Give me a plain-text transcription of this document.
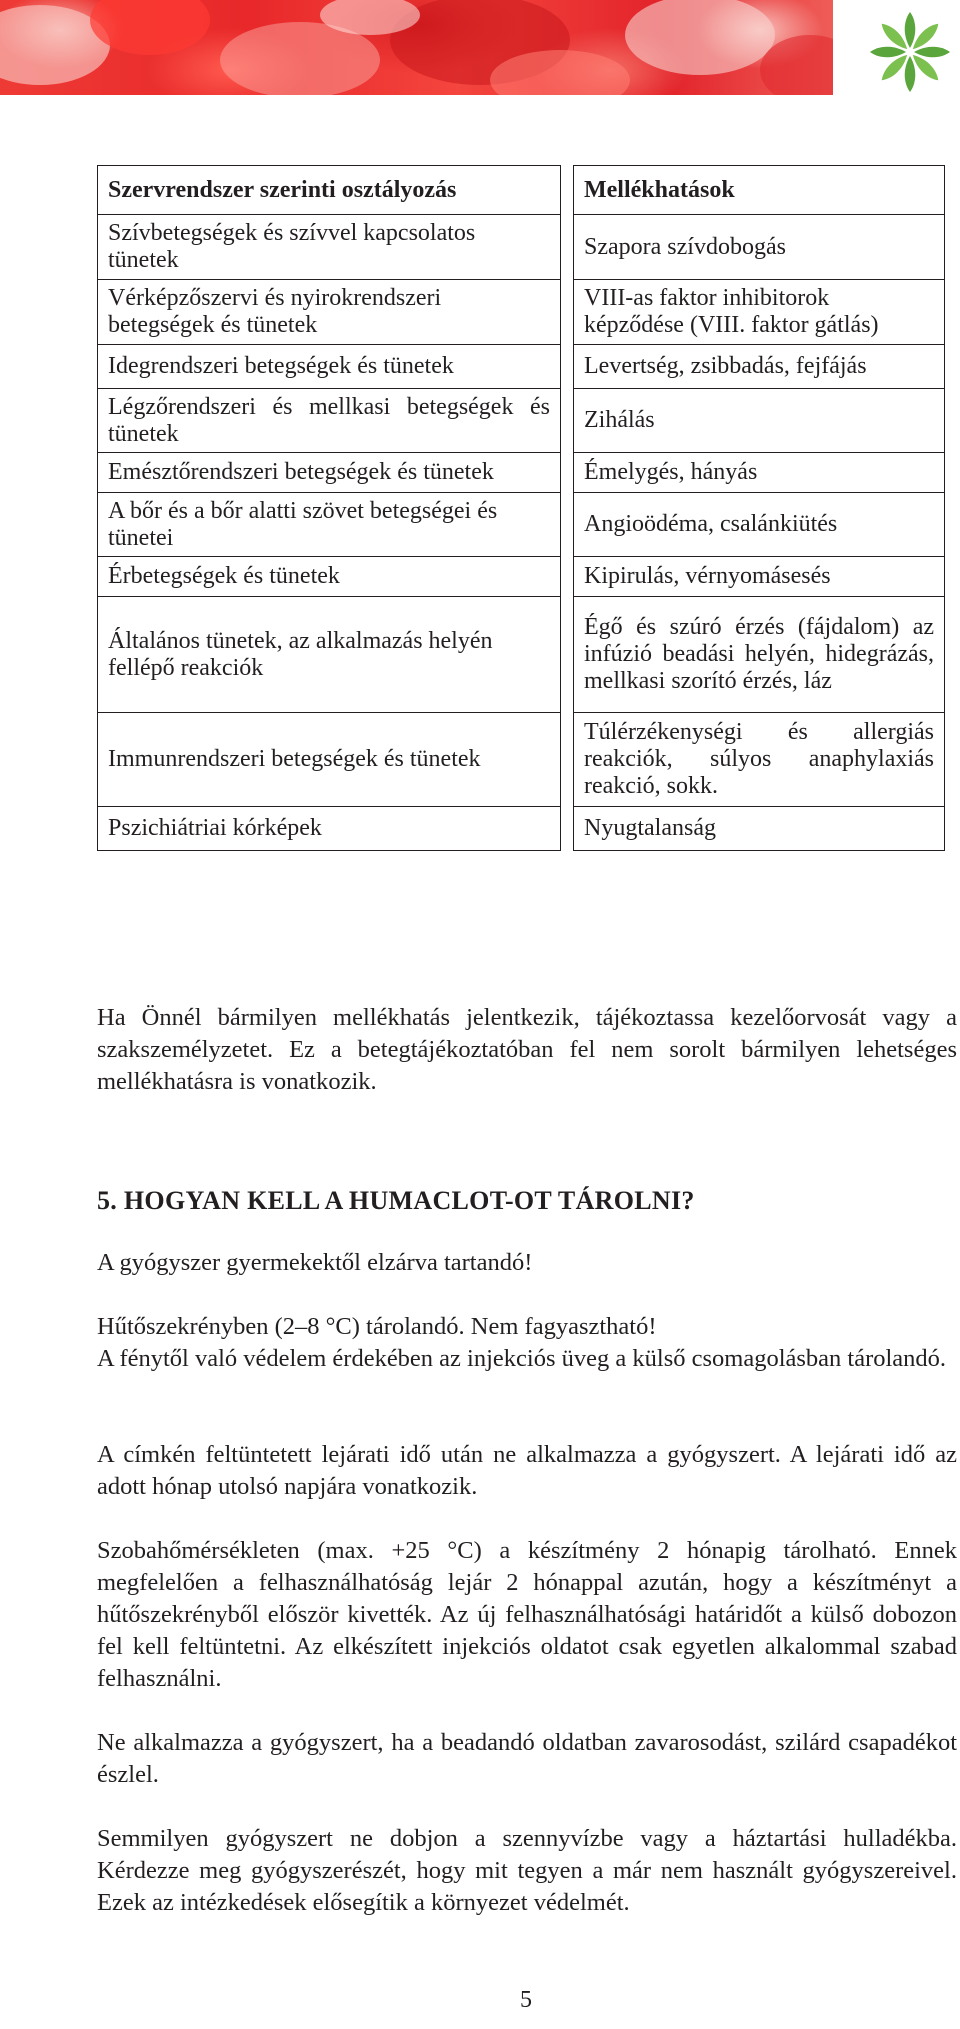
Szervrendszer szerinti osztályozás	Mellékhatások
Szívbetegségek és szívvel kapcsolatos tünetek	Szapora szívdobogás
Vérképzőszervi és nyirokrendszeri betegségek és tünetek	VIII-as faktor inhibitorok képződése (VIII. faktor gátlás)
Idegrendszeri betegségek és tünetek	Levertség, zsibbadás, fejfájás
Légzőrendszeri és mellkasi betegségek és tünetek	Zihálás
Emésztőrendszeri betegségek és tünetek	Émelygés, hányás
A bőr és a bőr alatti szövet betegségei és tünetei	Angioödéma, csalánkiütés
Érbetegségek és tünetek	Kipirulás, vérnyomásesés
Általános tünetek, az alkalmazás helyén fellépő reakciók	Égő és szúró érzés (fájdalom) az infúzió beadási helyén, hidegrázás, mellkasi szorító érzés, láz
Immunrendszeri betegségek és tünetek	Túlérzékenységi és allergiás reakciók, súlyos anaphylaxiás reakció, sokk.
Pszichiátriai kórképek	Nyugtalanság

Ha Önnél bármilyen mellékhatás jelentkezik, tájékoztassa kezelőorvosát vagy a szakszemélyzetet. Ez a betegtájékoztatóban fel nem sorolt bármilyen lehetséges mellékhatásra is vonatkozik.

5. HOGYAN KELL A HUMACLOT-OT TÁROLNI?

A gyógyszer gyermekektől elzárva tartandó!

Hűtőszekrényben (2–8 °C) tárolandó. Nem fagyasztható!

A fénytől való védelem érdekében az injekciós üveg a külső csomagolásban tárolandó.

A címkén feltüntetett lejárati idő után ne alkalmazza a gyógyszert. A lejárati idő az adott hónap utolsó napjára vonatkozik.

Szobahőmérsékleten (max. +25 °C) a készítmény 2 hónapig tárolható. Ennek megfelelően a felhasználhatóság lejár 2 hónappal azután, hogy a készítményt a hűtőszekrényből először kivették. Az új felhasználhatósági határidőt a külső dobozon fel kell feltüntetni. Az elkészített injekciós oldatot csak egyetlen alkalommal szabad felhasználni.

Ne alkalmazza a gyógyszert, ha a beadandó oldatban zavarosodást, szilárd csapadékot észlel.

Semmilyen gyógyszert ne dobjon a szennyvízbe vagy a háztartási hulladékba. Kérdezze meg gyógyszerészét, hogy mit tegyen a már nem használt gyógyszereivel. Ezek az intézkedések elősegítik a környezet védelmét.

5
